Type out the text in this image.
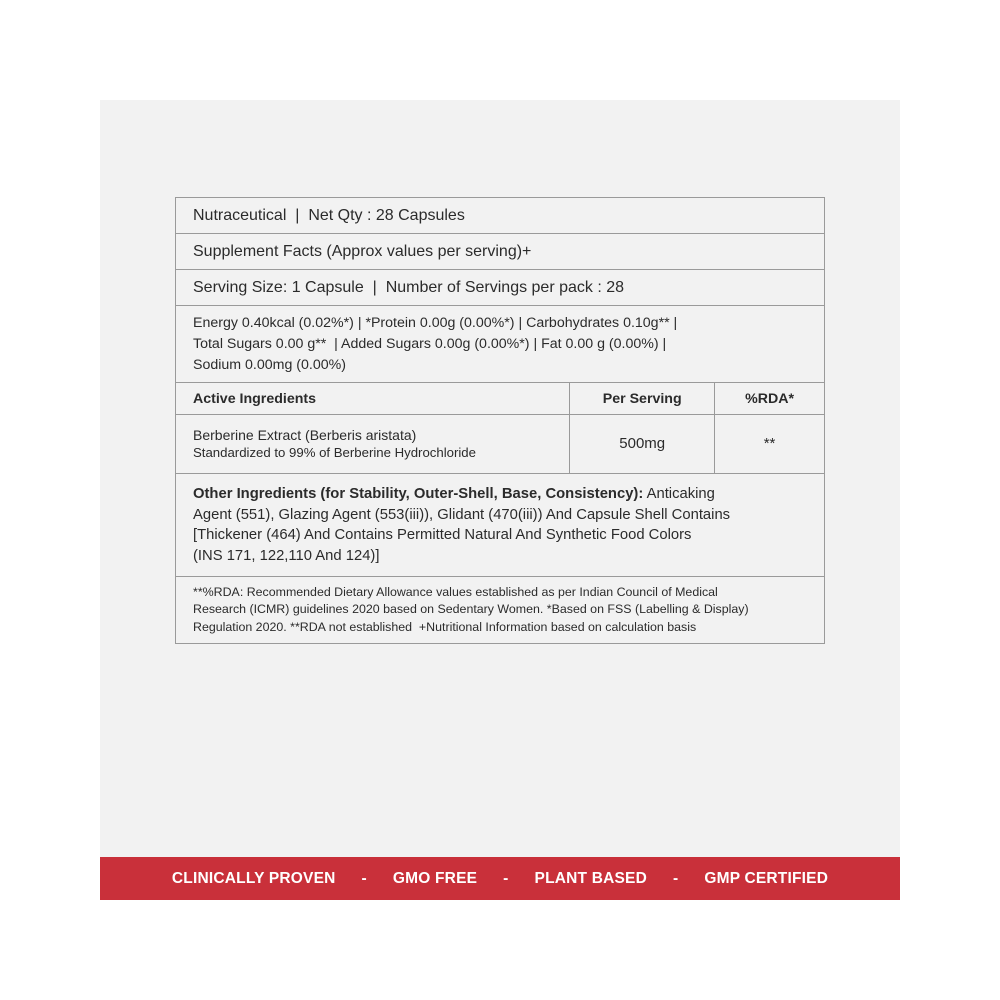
Nutraceutical  |  Net Qty : 28 Capsules		
Supplement Facts (Approx values per serving)+		
Serving Size: 1 Capsule  |  Number of Servings per pack : 28		

Energy 0.40kcal (0.02%*) | *Protein 0.00g (0.00%*) | Carbohydrates 0.10g** |
Total Sugars 0.00 g**  | Added Sugars 0.00g (0.00%*) | Fat 0.00 g (0.00%) |
Sodium 0.00mg (0.00%)		

Active Ingredients	Per Serving	%RDA*

Berberine Extract (Berberis aristata)
Standardized to 99% of Berberine Hydrochloride	500mg	**

Other Ingredients (for Stability, Outer-Shell, Base, Consistency): Anticaking
Agent (551), Glazing Agent (553(iii)), Glidant (470(iii)) And Capsule Shell Contains
[Thickener (464) And Contains Permitted Natural And Synthetic Food Colors
(INS 171, 122,110 And 124)]		

**%RDA: Recommended Dietary Allowance values established as per Indian Council of Medical
Research (ICMR) guidelines 2020 based on Sedentary Women. *Based on FSS (Labelling & Display)
Regulation 2020. **RDA not established  +Nutritional Information based on calculation basis		
CLINICALLY PROVEN - GMO FREE - PLANT BASED - GMP CERTIFIED
